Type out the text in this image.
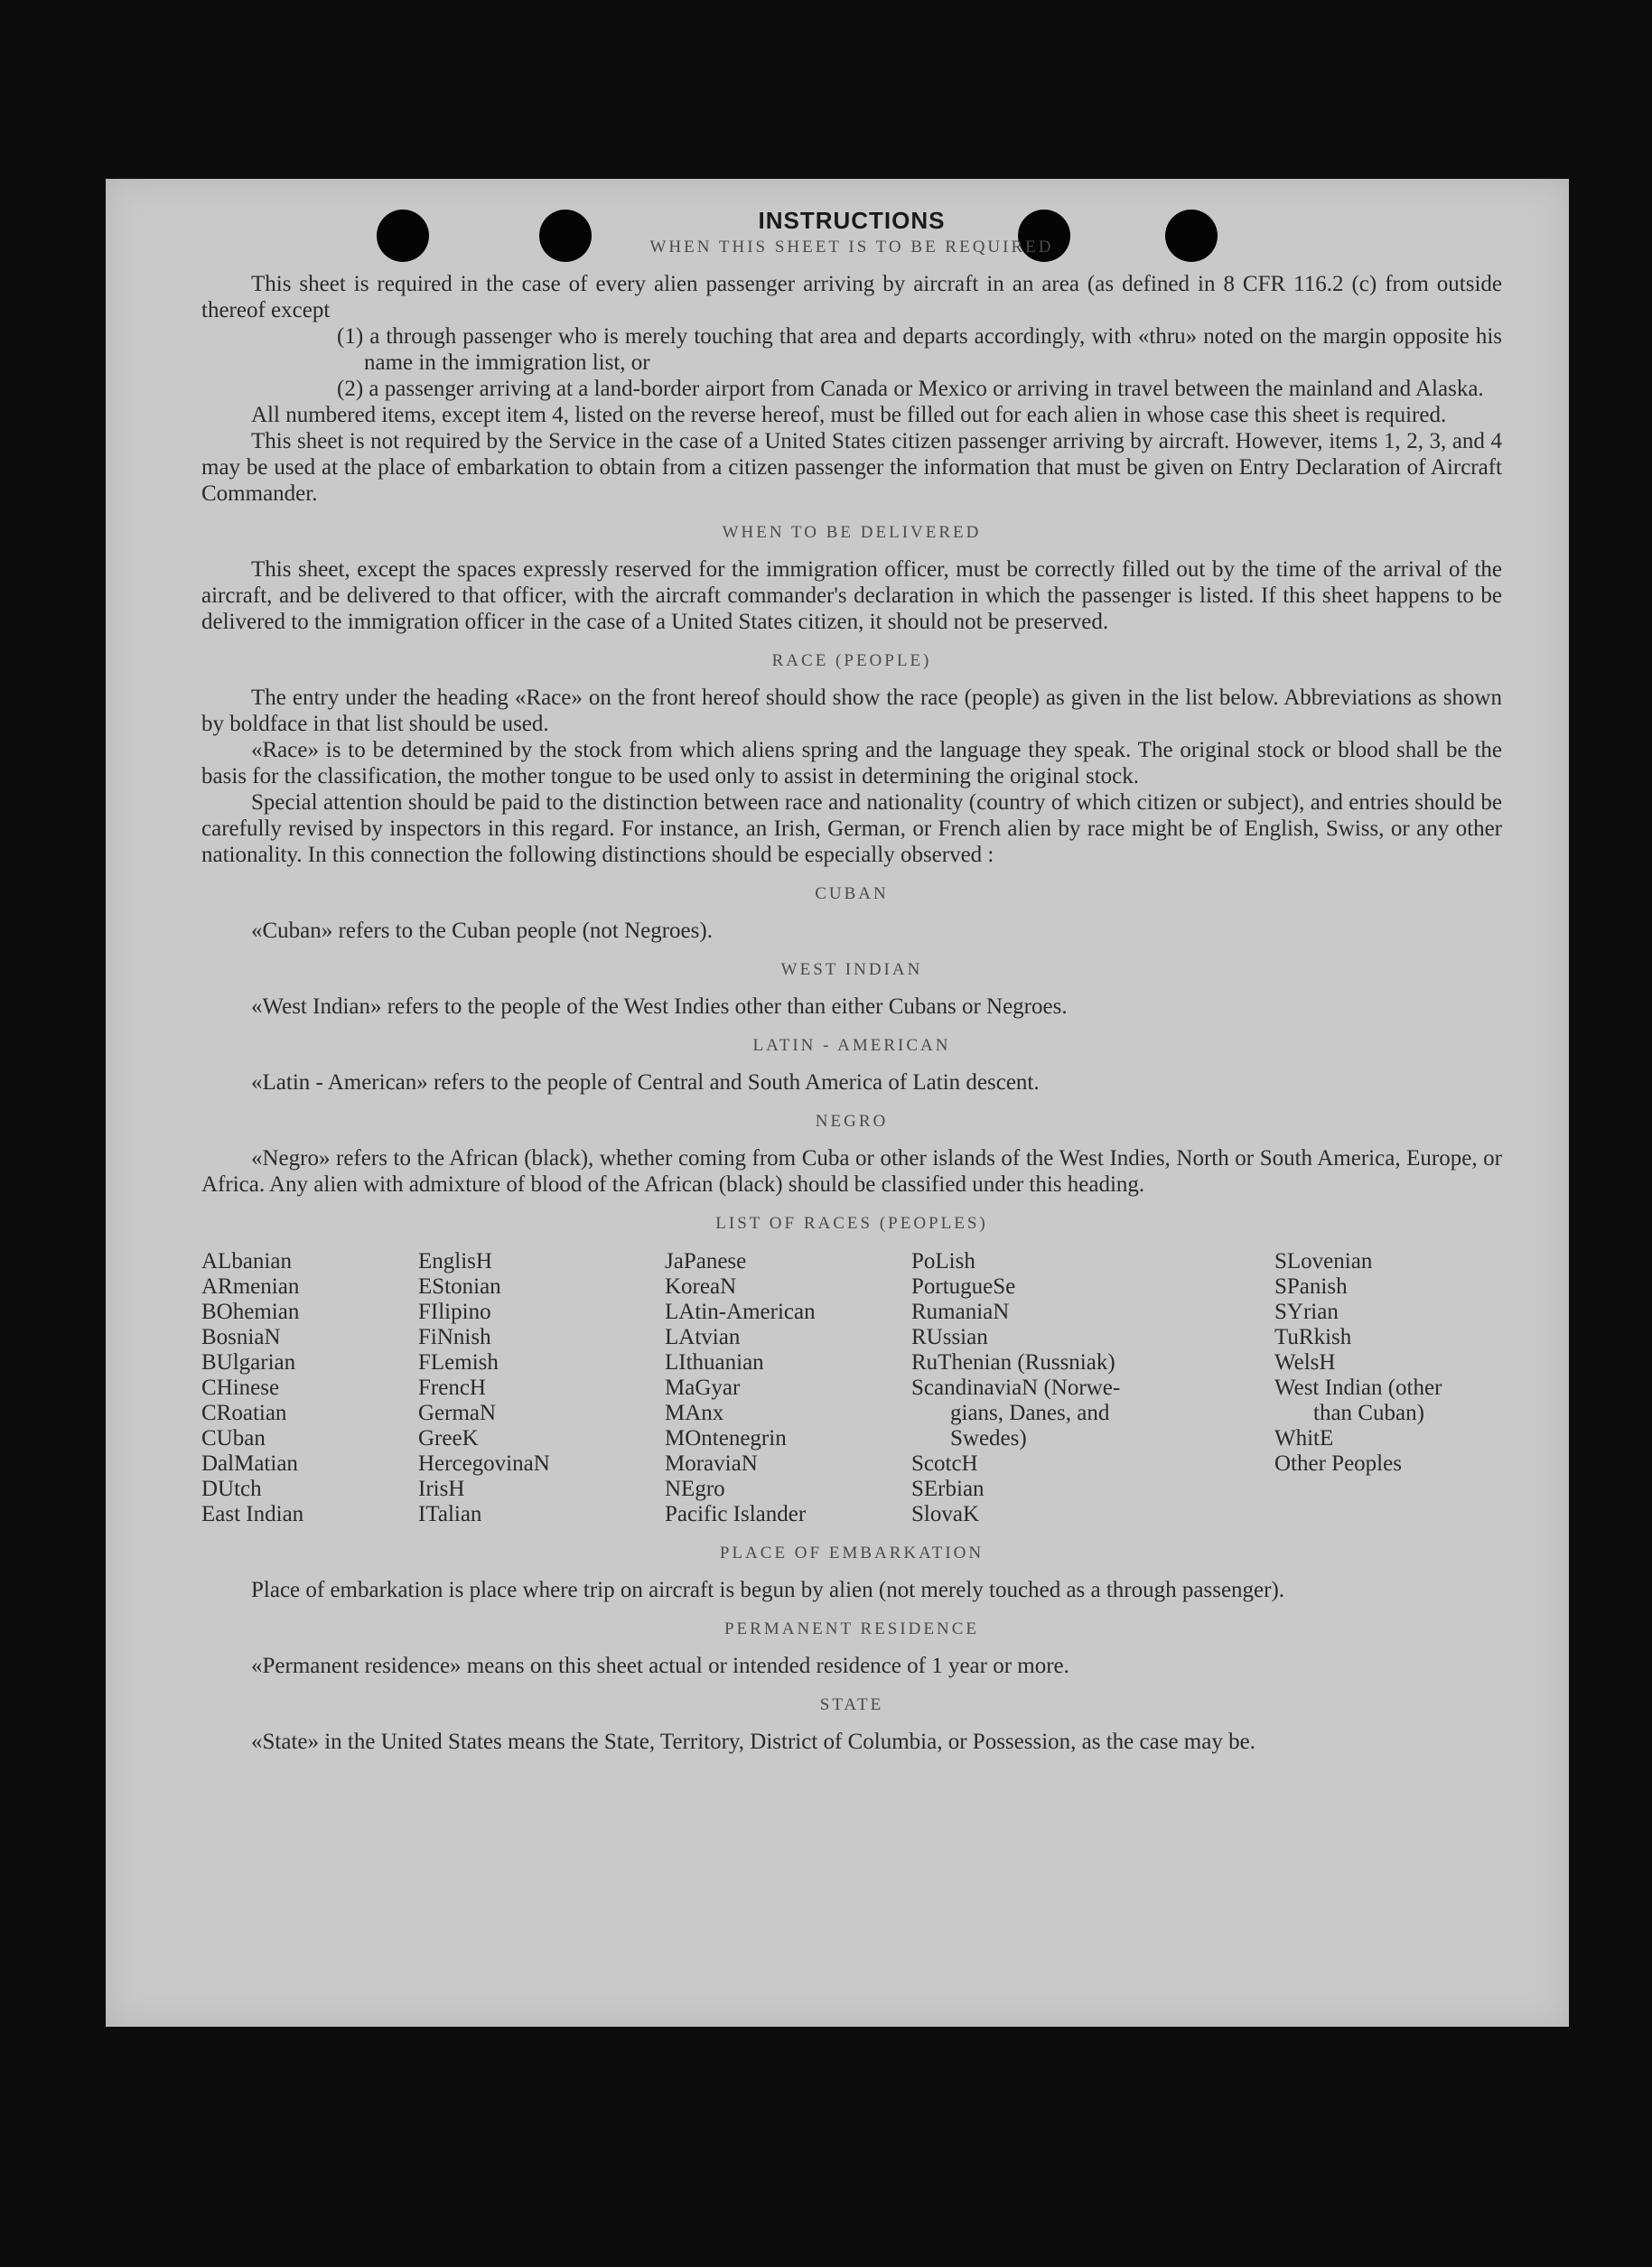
INSTRUCTIONS
WHEN THIS SHEET IS TO BE REQUIRED

This sheet is required in the case of every alien passenger arriving by aircraft in an area (as defined in 8 CFR 116.2 (c) from outside thereof except

(1) a through passenger who is merely touching that area and departs accordingly, with «thru» noted on the margin opposite his name in the immigration list, or

(2) a passenger arriving at a land-border airport from Canada or Mexico or arriving in travel between the mainland and Alaska.

All numbered items, except item 4, listed on the reverse hereof, must be filled out for each alien in whose case this sheet is required.

This sheet is not required by the Service in the case of a United States citizen passenger arriving by aircraft. However, items 1, 2, 3, and 4 may be used at the place of embarkation to obtain from a citizen passenger the information that must be given on Entry Declaration of Aircraft Commander.

WHEN TO BE DELIVERED

This sheet, except the spaces expressly reserved for the immigration officer, must be correctly filled out by the time of the arrival of the aircraft, and be delivered to that officer, with the aircraft commander's declaration in which the passenger is listed. If this sheet happens to be delivered to the immigration officer in the case of a United States citizen, it should not be preserved.

RACE (PEOPLE)

The entry under the heading «Race» on the front hereof should show the race (people) as given in the list below. Abbreviations as shown by boldface in that list should be used.

«Race» is to be determined by the stock from which aliens spring and the language they speak. The original stock or blood shall be the basis for the classification, the mother tongue to be used only to assist in determining the original stock.

Special attention should be paid to the distinction between race and nationality (country of which citizen or subject), and entries should be carefully revised by inspectors in this regard. For instance, an Irish, German, or French alien by race might be of English, Swiss, or any other nationality. In this connection the following distinctions should be especially observed :

CUBAN

«Cuban» refers to the Cuban people (not Negroes).

WEST INDIAN

«West Indian» refers to the people of the West Indies other than either Cubans or Negroes.

LATIN - AMERICAN

«Latin - American» refers to the people of Central and South America of Latin descent.

NEGRO

«Negro» refers to the African (black), whether coming from Cuba or other islands of the West Indies, North or South America, Europe, or Africa. Any alien with admixture of blood of the African (black) should be classified under this heading.

LIST OF RACES (PEOPLES)
ALbanian
ARmenian
BOhemian
BosniaN
BUlgarian
CHinese
CRoatian
CUban
DalMatian
DUtch
East Indian
EnglisH
EStonian
FIlipino
FiNnish
FLemish
FrencH
GermaN
GreeK
HercegovinaN
IrisH
ITalian
JaPanese
KoreaN
LAtin-American
LAtvian
LIthuanian
MaGyar
MAnx
MOntenegrin
MoraviaN
NEgro
Pacific Islander
PoLish
PortugueSe
RumaniaN
RUssian
RuThenian (Russniak)
ScandinaviaN (Norwe-
gians, Danes, and
Swedes)
ScotcH
SErbian
SlovaK
SLovenian
SPanish
SYrian
TuRkish
WelsH
West Indian (other
than Cuban)
WhitE
Other Peoples
PLACE OF EMBARKATION

Place of embarkation is place where trip on aircraft is begun by alien (not merely touched as a through passenger).

PERMANENT RESIDENCE

«Permanent residence» means on this sheet actual or intended residence of 1 year or more.

STATE

«State» in the United States means the State, Territory, District of Columbia, or Possession, as the case may be.
